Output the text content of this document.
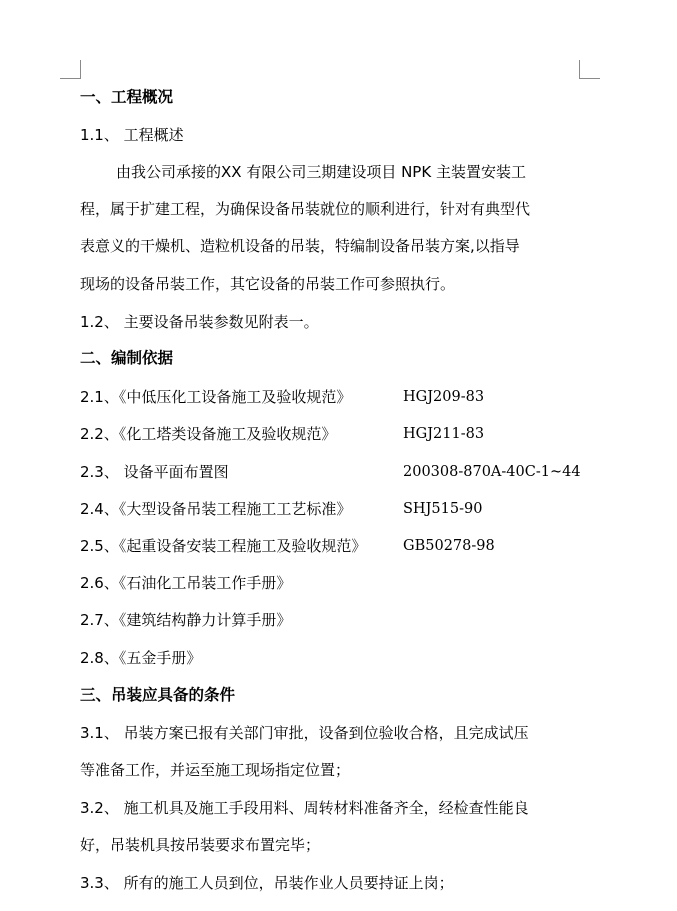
一、工程概况
1.1、 工程概述
由我公司承接的XX 有限公司三期建设项目 NPK 主装置安装工
程，属于扩建工程，为确保设备吊装就位的顺利进行，针对有典型代
表意义的干燥机、造粒机设备的吊装，特编制设备吊装方案,以指导
现场的设备吊装工作，其它设备的吊装工作可参照执行。
1.2、 主要设备吊装参数见附表一。
二、编制依据
2.1、《中低压化工设备施工及验收规范》	HGJ209-83
2.2、《化工塔类设备施工及验收规范》	HGJ211-83
2.3、 设备平面布置图	200308-870A-40C-1~44
2.4、《大型设备吊装工程施工工艺标准》	SHJ515-90
2.5、《起重设备安装工程施工及验收规范》	GB50278-98
2.6、《石油化工吊装工作手册》
2.7、《建筑结构静力计算手册》
2.8、《五金手册》
三、吊装应具备的条件
3.1、 吊装方案已报有关部门审批，设备到位验收合格，且完成试压
等准备工作，并运至施工现场指定位置；
3.2、 施工机具及施工手段用料、周转材料准备齐全，经检查性能良
好，吊装机具按吊装要求布置完毕；
3.3、 所有的施工人员到位，吊装作业人员要持证上岗；
